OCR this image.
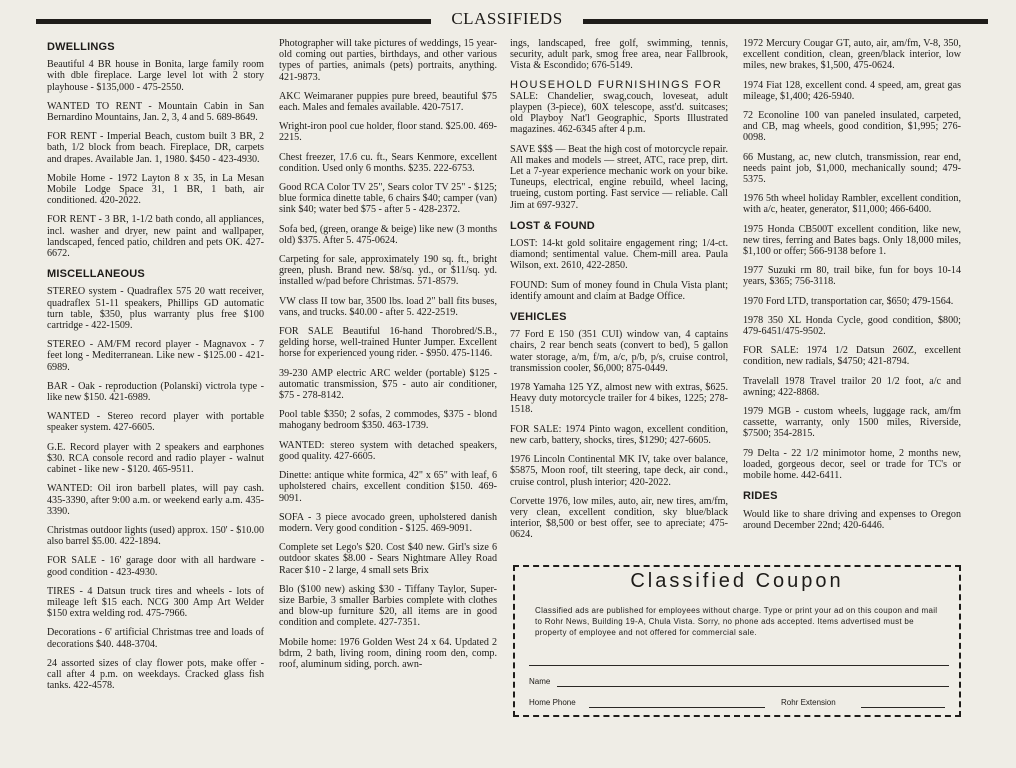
CLASSIFIEDS
DWELLINGS
Beautiful 4 BR house in Bonita, large family room with dble fireplace. Large level lot with 2 story playhouse - $135,000 - 475-2550.
WANTED TO RENT - Mountain Cabin in San Bernardino Mountains, Jan. 2, 3, 4 and 5. 689-8649.
FOR RENT - Imperial Beach, custom built 3 BR, 2 bath, 1/2 block from beach. Fireplace, DR, carpets and drapes. Available Jan. 1, 1980. $450 - 423-4930.
Mobile Home - 1972 Layton 8 x 35, in La Mesan Mobile Lodge Space 31, 1 BR, 1 bath, air conditioned. 420-2022.
FOR RENT - 3 BR, 1-1/2 bath condo, all appliances, incl. washer and dryer, new paint and wallpaper, landscaped, fenced patio, children and pets OK. 427-6672.
MISCELLANEOUS
STEREO system - Quadraflex 575 20 watt receiver, quadraflex 51-11 speakers, Phillips GD automatic turn table, $350, plus warranty plus free $100 cartridge - 422-1509.
STEREO - AM/FM record player - Magnavox - 7 feet long - Mediterranean. Like new - $125.00 - 421-6989.
BAR - Oak - reproduction (Polanski) victrola type - like new $150. 421-6989.
WANTED - Stereo record player with portable speaker system. 427-6605.
G.E. Record player with 2 speakers and earphones $30. RCA console record and radio player - walnut cabinet - like new - $120. 465-9511.
WANTED: Oil iron barbell plates, will pay cash. 435-3390, after 9:00 a.m. or weekend early a.m. 435-3390.
Christmas outdoor lights (used) approx. 150' - $10.00 also barrel $5.00. 422-1894.
FOR SALE - 16' garage door with all hardware - good condition - 423-4930.
TIRES - 4 Datsun truck tires and wheels - lots of mileage left $15 each. NCG 300 Amp Art Welder $150 extra welding rod. 475-7966.
Decorations - 6' artificial Christmas tree and loads of decorations $40. 448-3704.
24 assorted sizes of clay flower pots, make offer - call after 4 p.m. on weekdays. Cracked glass fish tanks. 422-4578.
Photographer will take pictures of weddings, 15 year-old coming out parties, birthdays, and other various types of parties, animals (pets) portraits, anything. 421-9873.
AKC Weimaraner puppies pure breed, beautiful $75 each. Males and females available. 420-7517.
Wright-iron pool cue holder, floor stand. $25.00. 469-2215.
Chest freezer, 17.6 cu. ft., Sears Kenmore, excellent condition. Used only 6 months. $235. 222-6753.
Good RCA Color TV 25", Sears color TV 25" - $125; blue formica dinette table, 6 chairs $40; camper (van) sink $40; water bed $75 - after 5 - 428-2372.
Sofa bed, (green, orange & beige) like new (3 months old) $375. After 5. 475-0624.
Carpeting for sale, approximately 190 sq. ft., bright green, plush. Brand new. $8/sq. yd., or $11/sq. yd. installed w/pad before Christmas. 571-8579.
VW class II tow bar, 3500 lbs. load 2" ball fits buses, vans, and trucks. $40.00 - after 5. 422-2519.
FOR SALE Beautiful 16-hand Thorobred/S.B., gelding horse, well-trained Hunter Jumper. Excellent horse for experienced young rider. - $950. 475-1146.
39-230 AMP electric ARC welder (portable) $125 - automatic transmission, $75 - auto air conditioner, $75 - 278-8142.
Pool table $350; 2 sofas, 2 commodes, $375 - blond mahogany bedroom $350. 463-1739.
WANTED: stereo system with detached speakers, good quality. 427-6605.
Dinette: antique white formica, 42" x 65" with leaf, 6 upholstered chairs, excellent condition $150. 469-9091.
SOFA - 3 piece avocado green, upholstered danish modern. Very good condition - $125. 469-9091.
Complete set Lego's $20. Cost $40 new. Girl's size 6 outdoor skates $8.00 - Sears Nightmare Alley Road Racer $10 - 2 large, 4 small sets Brix
Blo ($100 new) asking $30 - Tiffany Taylor, Super-size Barbie, 3 smaller Barbies complete with clothes and blow-up furniture $20, all items are in good condition and complete. 427-7351.
Mobile home: 1976 Golden West 24 x 64. Updated 2 bdrm, 2 bath, living room, dining room den, comp. roof, aluminum siding, porch. awn-
ings, landscaped, free golf, swimming, tennis, security, adult park, smog free area, near Fallbrook, Vista & Escondido; 676-5149.
HOUSEHOLD FURNISHINGS FOR
SALE: Chandelier, swag,couch, loveseat, adult playpen (3-piece), 60X telescope, asst'd. suitcases; old Playboy Nat'l Geographic, Sports Illustrated magazines. 462-6345 after 4 p.m.
SAVE $$$ — Beat the high cost of motorcycle repair. All makes and models — street, ATC, race prep, dirt. Let a 7-year experience mechanic work on your bike. Tuneups, electrical, engine rebuild, wheel lacing, trueing, custom porting. Fast service — reliable. Call Jim at 697-9327.
LOST & FOUND
LOST: 14-kt gold solitaire engagement ring; 1/4-ct. diamond; sentimental value. Chem-mill area. Paula Wilson, ext. 2610, 422-2850.
FOUND: Sum of money found in Chula Vista plant; identify amount and claim at Badge Office.
VEHICLES
77 Ford E 150 (351 CUI) window van, 4 captains chairs, 2 rear bench seats (convert to bed), 5 gallon water storage, a/m, f/m, a/c, p/b, p/s, cruise control, transmission cooler, $6,000; 875-0449.
1978 Yamaha 125 YZ, almost new with extras, $625. Heavy duty motorcycle trailer for 4 bikes, 1225; 278-1518.
FOR SALE: 1974 Pinto wagon, excellent condition, new carb, battery, shocks, tires, $1290; 427-6605.
1976 Lincoln Continental MK IV, take over balance, $5875, Moon roof, tilt steering, tape deck, air cond., cruise control, plush interior; 420-2022.
Corvette 1976, low miles, auto, air, new tires, am/fm, very clean, excellent condition, sky blue/black interior, $8,500 or best offer, see to apreciate; 475-0624.
1972 Mercury Cougar GT, auto, air, am/fm, V-8, 350, excellent condition, clean, green/black interior, low miles, new brakes, $1,500, 475-0624.
1974 Fiat 128, excellent cond. 4 speed, am, great gas mileage, $1,400; 426-5940.
72 Econoline 100 van paneled insulated, carpeted, and CB, mag wheels, good condition, $1,995; 276-0098.
66 Mustang, ac, new clutch, transmission, rear end, needs paint job, $1,000, mechanically sound; 479-5375.
1976 5th wheel holiday Rambler, excellent condition, with a/c, heater, generator, $11,000; 466-6400.
1975 Honda CB500T excellent condition, like new, new tires, ferring and Bates bags. Only 18,000 miles, $1,100 or offer; 566-9138 before 1.
1977 Suzuki rm 80, trail bike, fun for boys 10-14 years, $365; 756-3118.
1970 Ford LTD, transportation car, $650; 479-1564.
1978 350 XL Honda Cycle, good condition, $800; 479-6451/475-9502.
FOR SALE: 1974 1/2 Datsun 260Z, excellent condition, new radials, $4750; 421-8794.
Travelall 1978 Travel trailor 20 1/2 foot, a/c and awning; 422-8868.
1979 MGB - custom wheels, luggage rack, am/fm cassette, warranty, only 1500 miles, Riverside, $7500; 354-2815.
79 Delta - 22 1/2 minimotor home, 2 months new, loaded, gorgeous decor, seel or trade for TC's or mobile home. 442-6411.
RIDES
Would like to share driving and expenses to Oregon around December 22nd; 420-6446.
Classified Coupon
Classified ads are published for employees without charge. Type or print your ad on this coupon and mail to Rohr News, Building 19-A, Chula Vista. Sorry, no phone ads accepted. Items advertised must be property of employee and not offered for commercial sale.
Name
Home Phone	Rohr Extension
